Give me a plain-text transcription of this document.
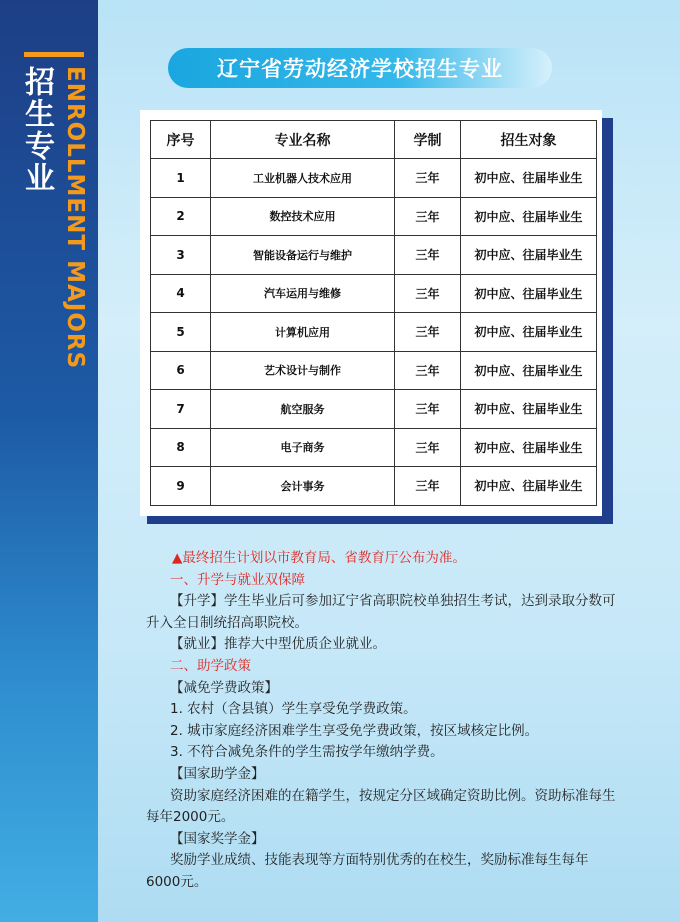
招生专业 ENROLLMENT MAJORS	辽宁省劳动经济学校招生专业
序号	专业名称	学制	招生对象
1	工业机器人技术应用	三年	初中应、往届毕业生
2	数控技术应用	三年	初中应、往届毕业生
3	智能设备运行与维护	三年	初中应、往届毕业生
4	汽车运用与维修	三年	初中应、往届毕业生
5	计算机应用	三年	初中应、往届毕业生
6	艺术设计与制作	三年	初中应、往届毕业生
7	航空服务	三年	初中应、往届毕业生
8	电子商务	三年	初中应、往届毕业生
9	会计事务	三年	初中应、往届毕业生

▲最终招生计划以市教育局、省教育厅公布为准。

一、升学与就业双保障

【升学】学生毕业后可参加辽宁省高职院校单独招生考试，达到录取分数可升入全日制统招高职院校。

【就业】推荐大中型优质企业就业。

二、助学政策

【减免学费政策】

1. 农村（含县镇）学生享受免学费政策。

2. 城市家庭经济困难学生享受免学费政策，按区域核定比例。

3. 不符合减免条件的学生需按学年缴纳学费。

【国家助学金】

资助家庭经济困难的在籍学生，按规定分区域确定资助比例。资助标准每生每年2000元。

【国家奖学金】

奖励学业成绩、技能表现等方面特别优秀的在校生，奖励标准每生每年6000元。
